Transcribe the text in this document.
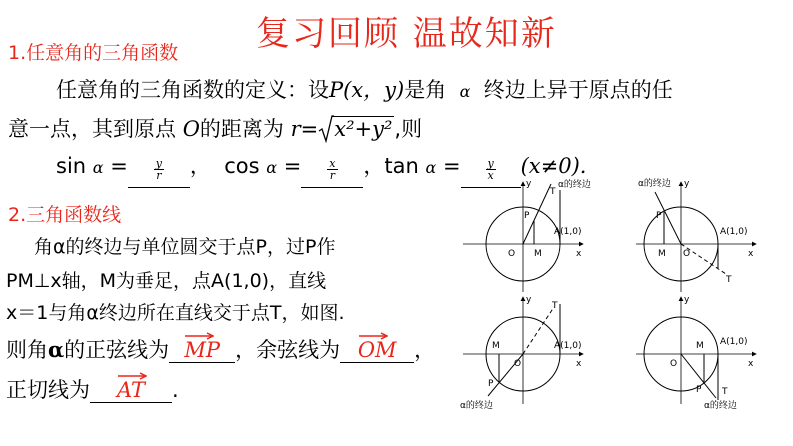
复习回顾 温故知新
1.任意角的三角函数
任意角的三角函数的定义：设P(x，y)是角 α 终边上异于原点的任
意一点，其到原点 O的距离为 r= x²+y²,则
$\sin \alpha = \frac{y}{r}$ ， $\cos \alpha = \frac{x}{r}$ ，$\tan \alpha = \frac{y}{x} (x\ne 0)$.
2.三角函数线
角α的终边与单位圆交于点P，过P作
PM⊥x轴，M为垂足，点A(1,0)，直线
x＝1与角α终边所在直线交于点T，如图.
则角α的正弦线为 MP ，余弦线为 OM ，
正切线为 AT .
y
x
O
P
M
T
A(1,0)
α的终边	y
x
O
P
M
T
A(1,0)
α的终边
y
x
O
P
M
T
A(1,0)
α的终边
y
x
O
P
M
T
A(1,0)
α的终边
